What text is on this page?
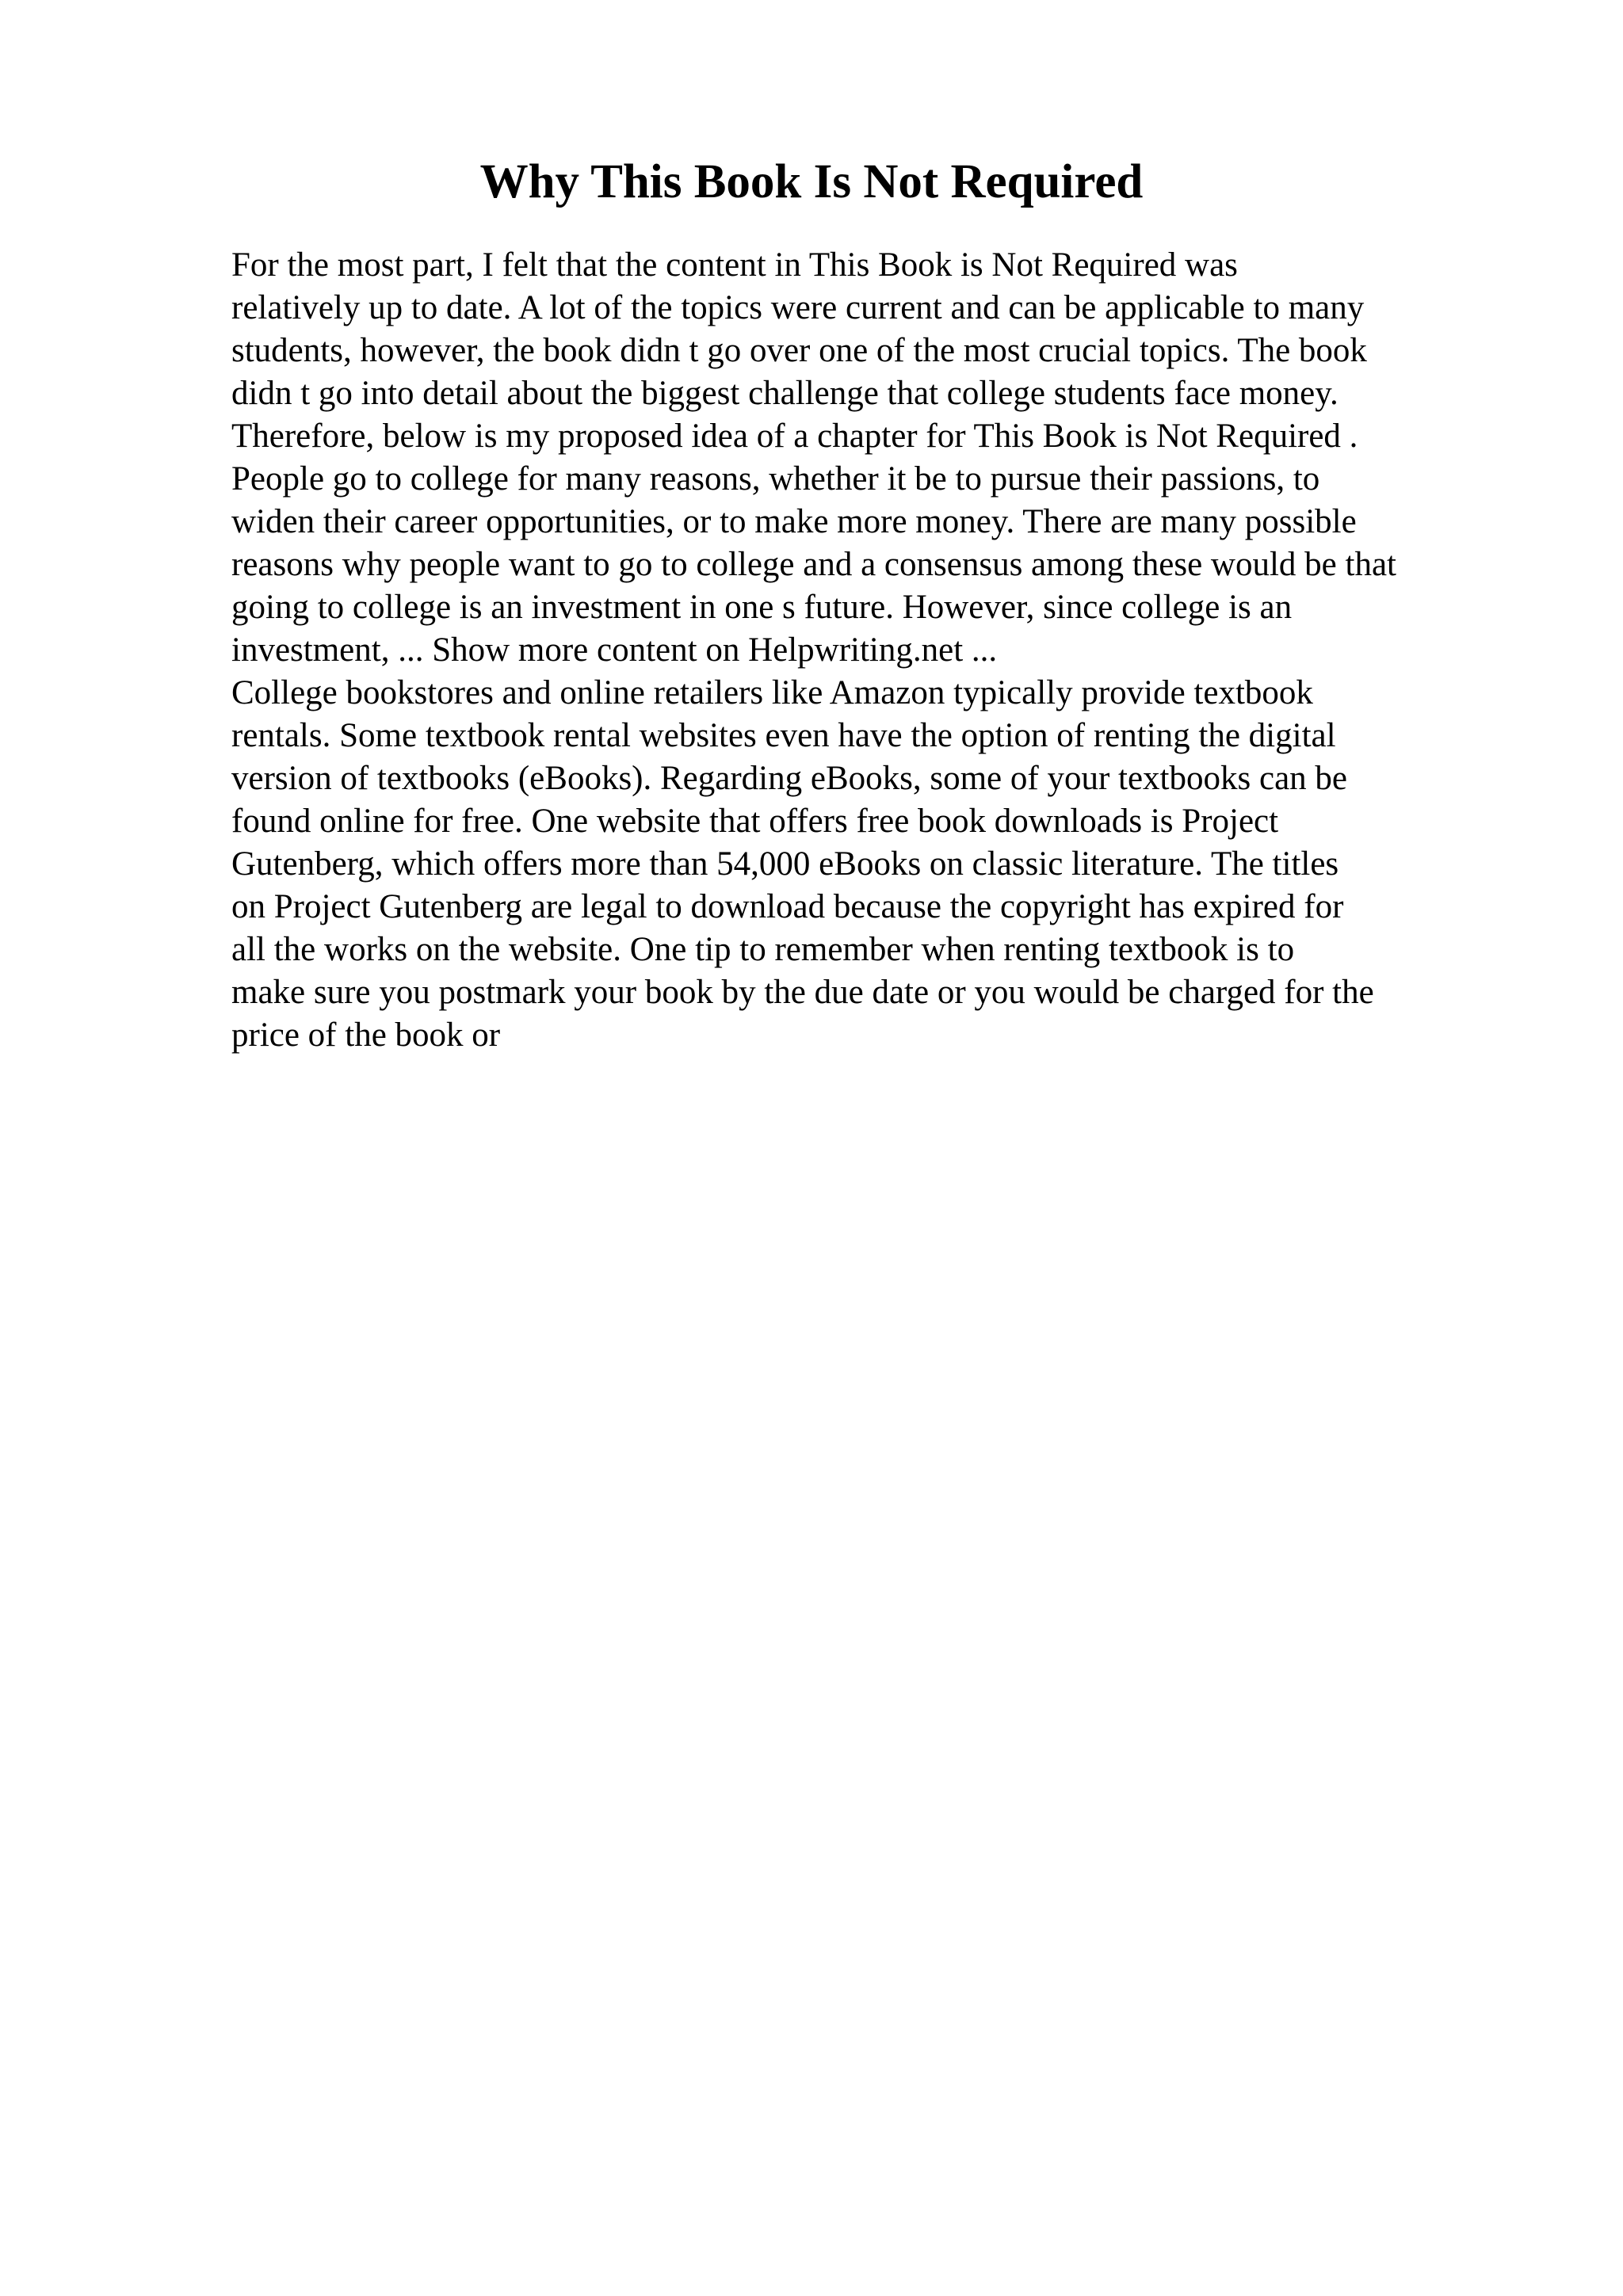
Why This Book Is Not Required
For the most part, I felt that the content in This Book is Not Required was
relatively up to date. A lot of the topics were current and can be applicable to many
students, however, the book didn t go over one of the most crucial topics. The book
didn t go into detail about the biggest challenge that college students face money.
Therefore, below is my proposed idea of a chapter for This Book is Not Required .
People go to college for many reasons, whether it be to pursue their passions, to
widen their career opportunities, or to make more money. There are many possible
reasons why people want to go to college and a consensus among these would be that
going to college is an investment in one s future. However, since college is an
investment, ... Show more content on Helpwriting.net ...
College bookstores and online retailers like Amazon typically provide textbook
rentals. Some textbook rental websites even have the option of renting the digital
version of textbooks (eBooks). Regarding eBooks, some of your textbooks can be
found online for free. One website that offers free book downloads is Project
Gutenberg, which offers more than 54,000 eBooks on classic literature. The titles
on Project Gutenberg are legal to download because the copyright has expired for
all the works on the website. One tip to remember when renting textbook is to
make sure you postmark your book by the due date or you would be charged for the
price of the book or
